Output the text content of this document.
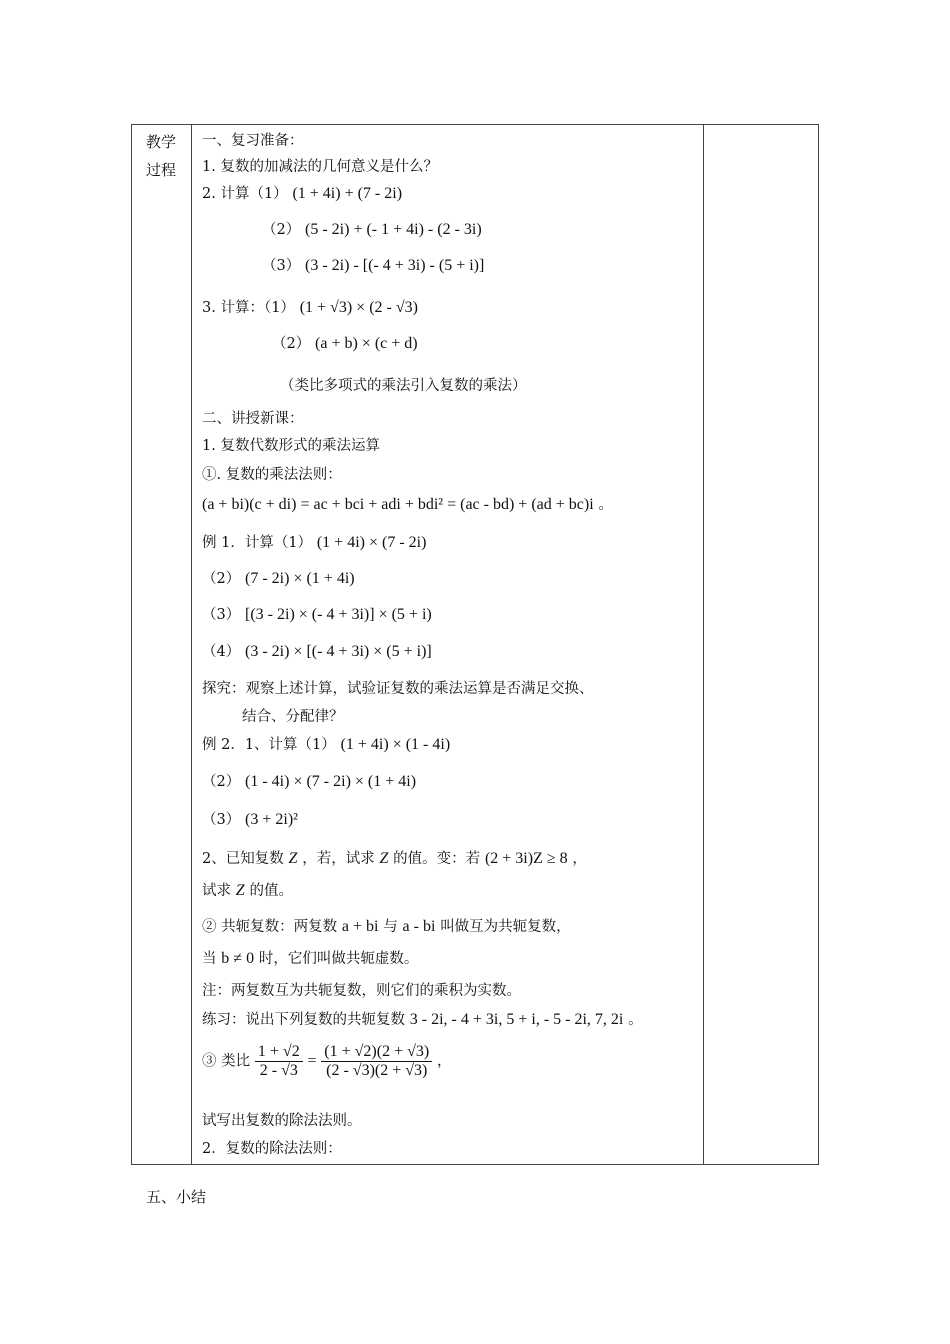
教学
过程
一、复习准备：
1. 复数的加减法的几何意义是什么？
2. 计算（1） (1 + 4i) + (7 - 2i)
（2） (5 - 2i) + (- 1 + 4i) - (2 - 3i)
（3） (3 - 2i) - [(- 4 + 3i) - (5 + i)]
3. 计算：（1） (1 + √3) × (2 - √3)
（2） (a + b) × (c + d)
（类比多项式的乘法引入复数的乘法）
二、讲授新课：
1. 复数代数形式的乘法运算
①. 复数的乘法法则：
(a + bi)(c + di) = ac + bci + adi + bdi² = (ac - bd) + (ad + bc)i 。
例 1．计算（1） (1 + 4i) × (7 - 2i)
（2） (7 - 2i) × (1 + 4i)
（3） [(3 - 2i) × (- 4 + 3i)] × (5 + i)
（4） (3 - 2i) × [(- 4 + 3i) × (5 + i)]
探究：观察上述计算，试验证复数的乘法运算是否满足交换、
结合、分配律？
例 2．1、计算（1） (1 + 4i) × (1 - 4i)
（2） (1 - 4i) × (7 - 2i) × (1 + 4i)
（3） (3 + 2i)²
2、已知复数 Z ，若，试求 Z 的值。变：若 (2 + 3i)Z ≥ 8 ，
试求 Z 的值。
② 共轭复数：两复数 a + bi 与 a - bi 叫做互为共轭复数，
当 b ≠ 0 时，它们叫做共轭虚数。
注：两复数互为共轭复数，则它们的乘积为实数。
练习：说出下列复数的共轭复数 3 - 2i, - 4 + 3i, 5 + i, - 5 - 2i, 7, 2i 。
③ 类比 $\frac{1 + √2}{2 - √3} = \frac{(1 + √2)(2 + √3)}{(2 - √3)(2 + √3)}$ ，
试写出复数的除法法则。
2．复数的除法法则：
五、小结
